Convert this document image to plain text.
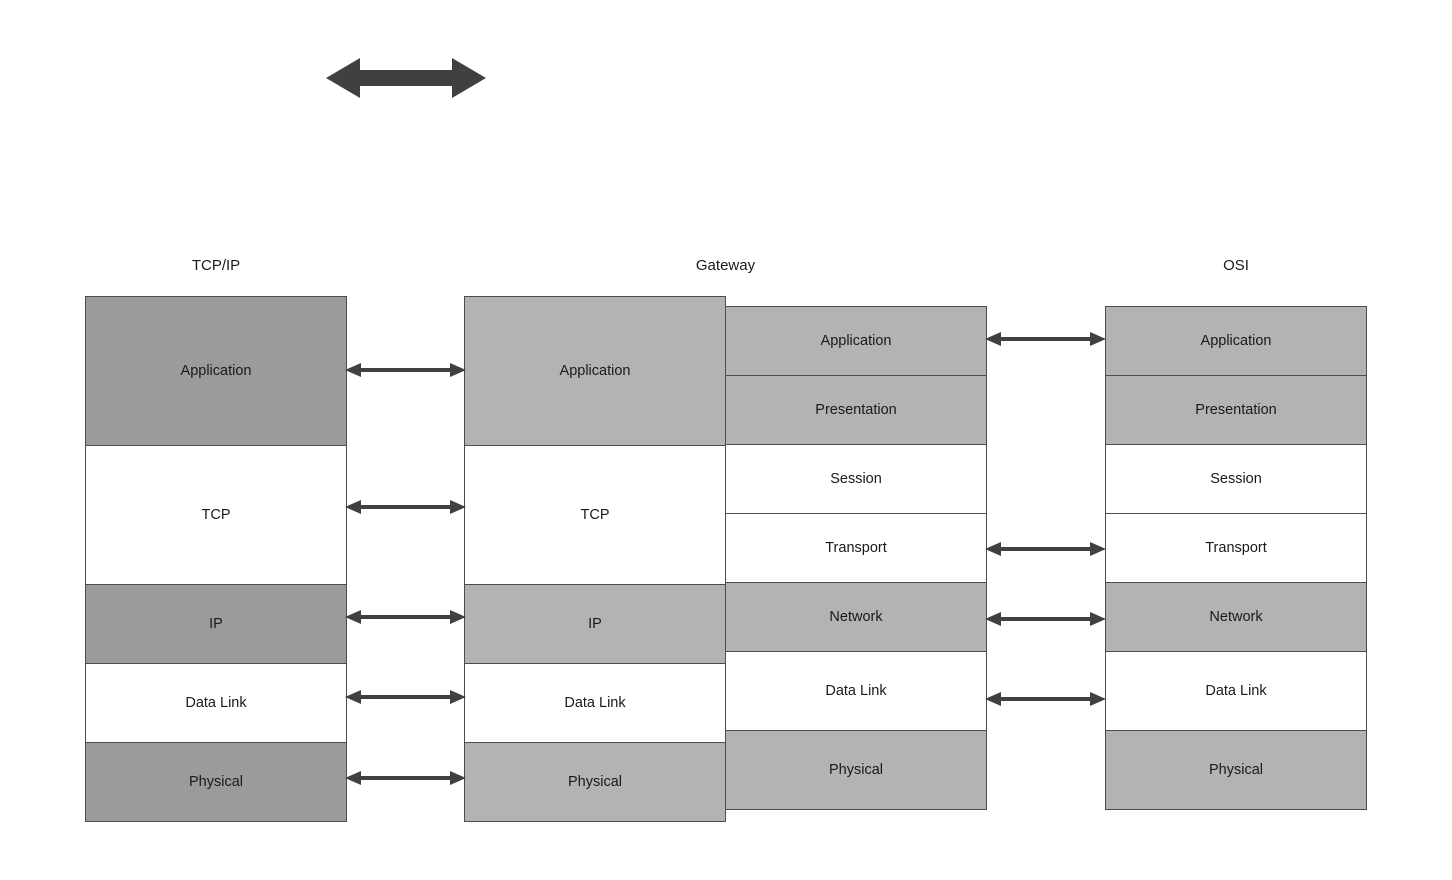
TCP/IP	Gateway	OSI
Application
TCP
IP
Data Link
Physical
Application
TCP
IP
Data Link
Physical
Application
Presentation
Session
Transport
Network
Data Link
Physical
Application
Presentation
Session
Transport
Network
Data Link
Physical
